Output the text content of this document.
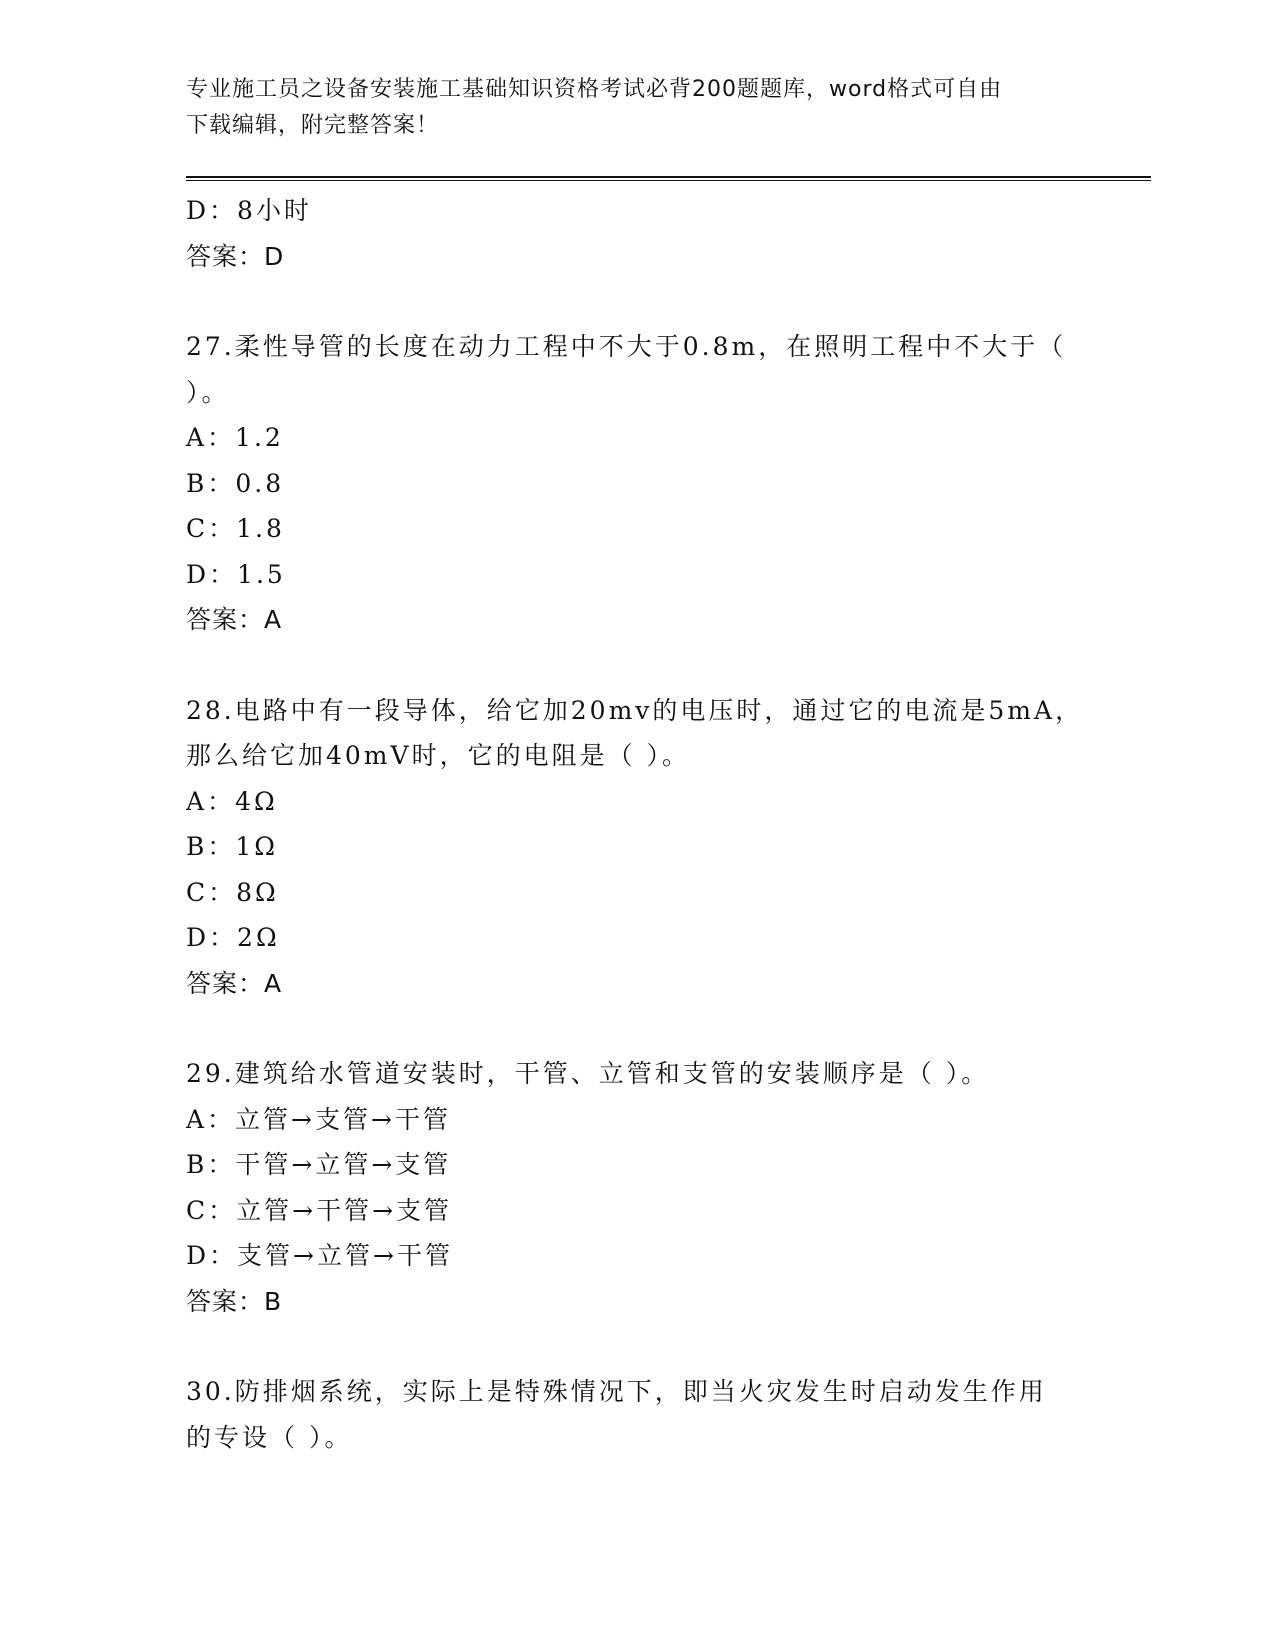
专业施工员之设备安装施工基础知识资格考试必背200题题库，word格式可自由
下载编辑，附完整答案！
D：8小时
答案：D
27.柔性导管的长度在动力工程中不大于0.8m，在照明工程中不大于（
）。
A：1.2
B：0.8
C：1.8
D：1.5
答案：A
28.电路中有一段导体，给它加20mv的电压时，通过它的电流是5mA，
那么给它加40mV时，它的电阻是（ ）。
A：4Ω
B：1Ω
C：8Ω
D：2Ω
答案：A
29.建筑给水管道安装时，干管、立管和支管的安装顺序是（ ）。
A：立管→支管→干管
B：干管→立管→支管
C：立管→干管→支管
D：支管→立管→干管
答案：B
30.防排烟系统，实际上是特殊情况下，即当火灾发生时启动发生作用
的专设（ ）。
